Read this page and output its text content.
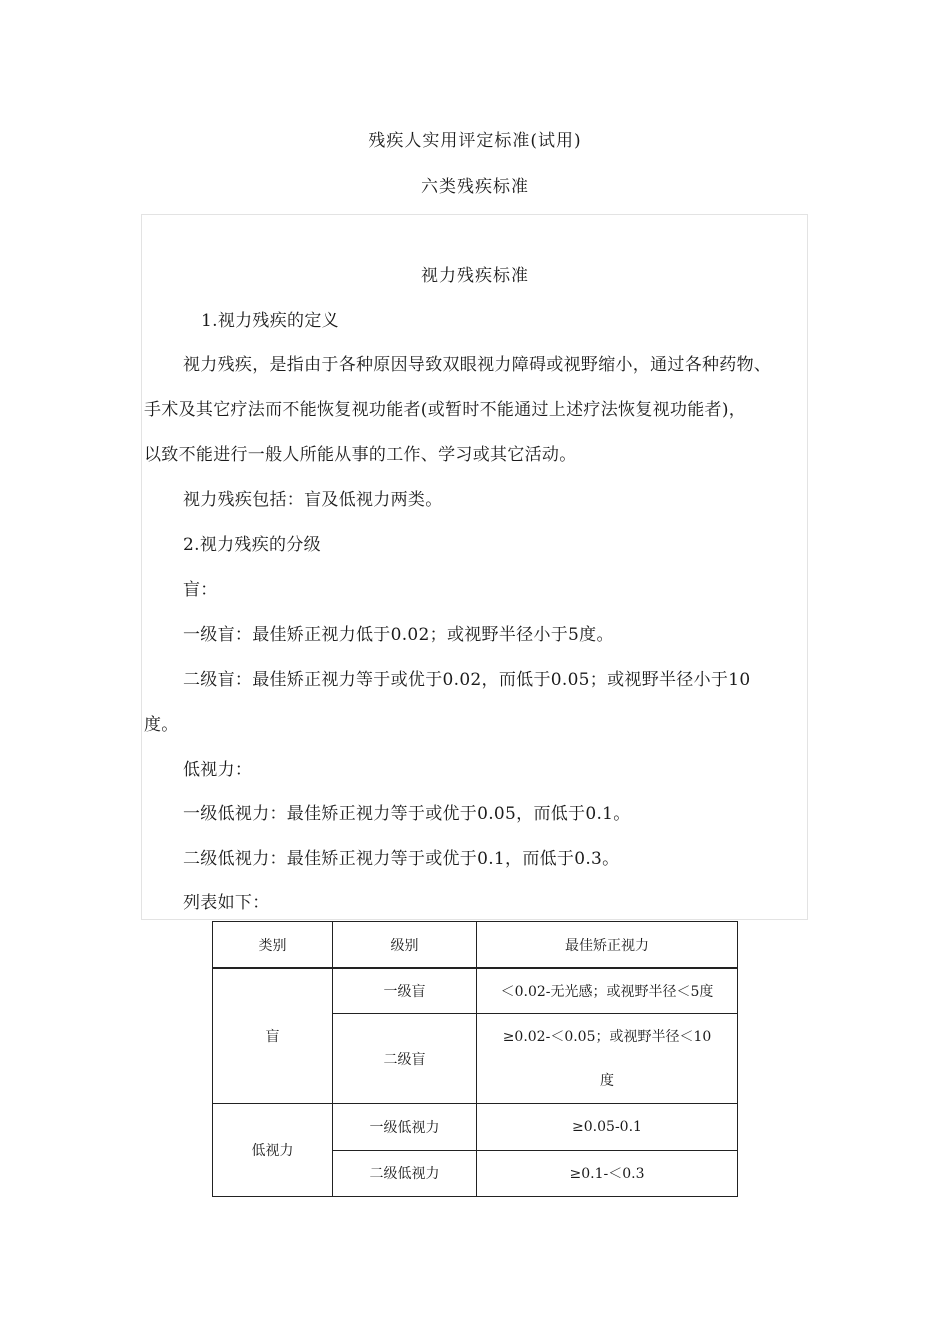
残疾人实用评定标准(试用)
六类残疾标准
视力残疾标准
1.视力残疾的定义
视力残疾，是指由于各种原因导致双眼视力障碍或视野缩小，通过各种药物、
手术及其它疗法而不能恢复视功能者(或暂时不能通过上述疗法恢复视功能者)，
以致不能进行一般人所能从事的工作、学习或其它活动。
视力残疾包括：盲及低视力两类。
2.视力残疾的分级
盲：
一级盲：最佳矫正视力低于0.02；或视野半径小于5度。
二级盲：最佳矫正视力等于或优于0.02，而低于0.05；或视野半径小于10
度。
低视力：
一级低视力：最佳矫正视力等于或优于0.05，而低于0.1。
二级低视力：最佳矫正视力等于或优于0.1，而低于0.3。
列表如下：
类别	级别	最佳矫正视力
盲	一级盲	＜0.02-无光感；或视野半径＜5度
	二级盲	≥0.02-＜0.05；或视野半径＜10
度

低视力	一级低视力	≥0.05-0.1
	二级低视力	≥0.1-＜0.3
